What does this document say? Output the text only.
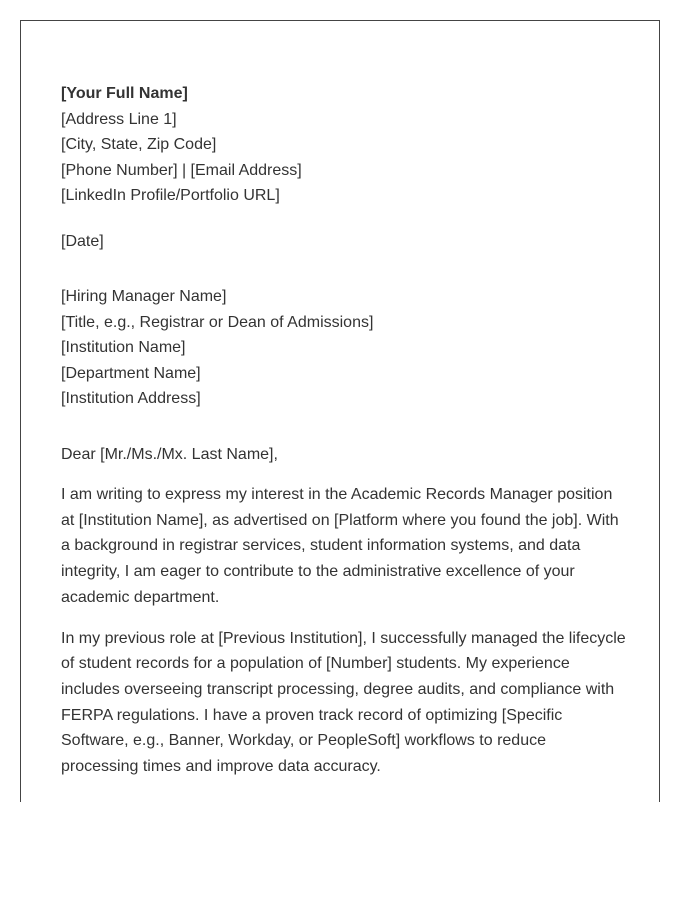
[Your Full Name]

[Address Line 1]

[City, State, Zip Code]

[Phone Number] | [Email Address]

[LinkedIn Profile/Portfolio URL]

[Date]

[Hiring Manager Name]

[Title, e.g., Registrar or Dean of Admissions]

[Institution Name]

[Department Name]

[Institution Address]

Dear [Mr./Ms./Mx. Last Name],

I am writing to express my interest in the Academic Records Manager position at [Institution Name], as advertised on [Platform where you found the job]. With a background in registrar services, student information systems, and data integrity, I am eager to contribute to the administrative excellence of your academic department.

In my previous role at [Previous Institution], I successfully managed the lifecycle of student records for a population of [Number] students. My experience includes overseeing transcript processing, degree audits, and compliance with FERPA regulations. I have a proven track record of optimizing [Specific Software, e.g., Banner, Workday, or PeopleSoft] workflows to reduce processing times and improve data accuracy.
